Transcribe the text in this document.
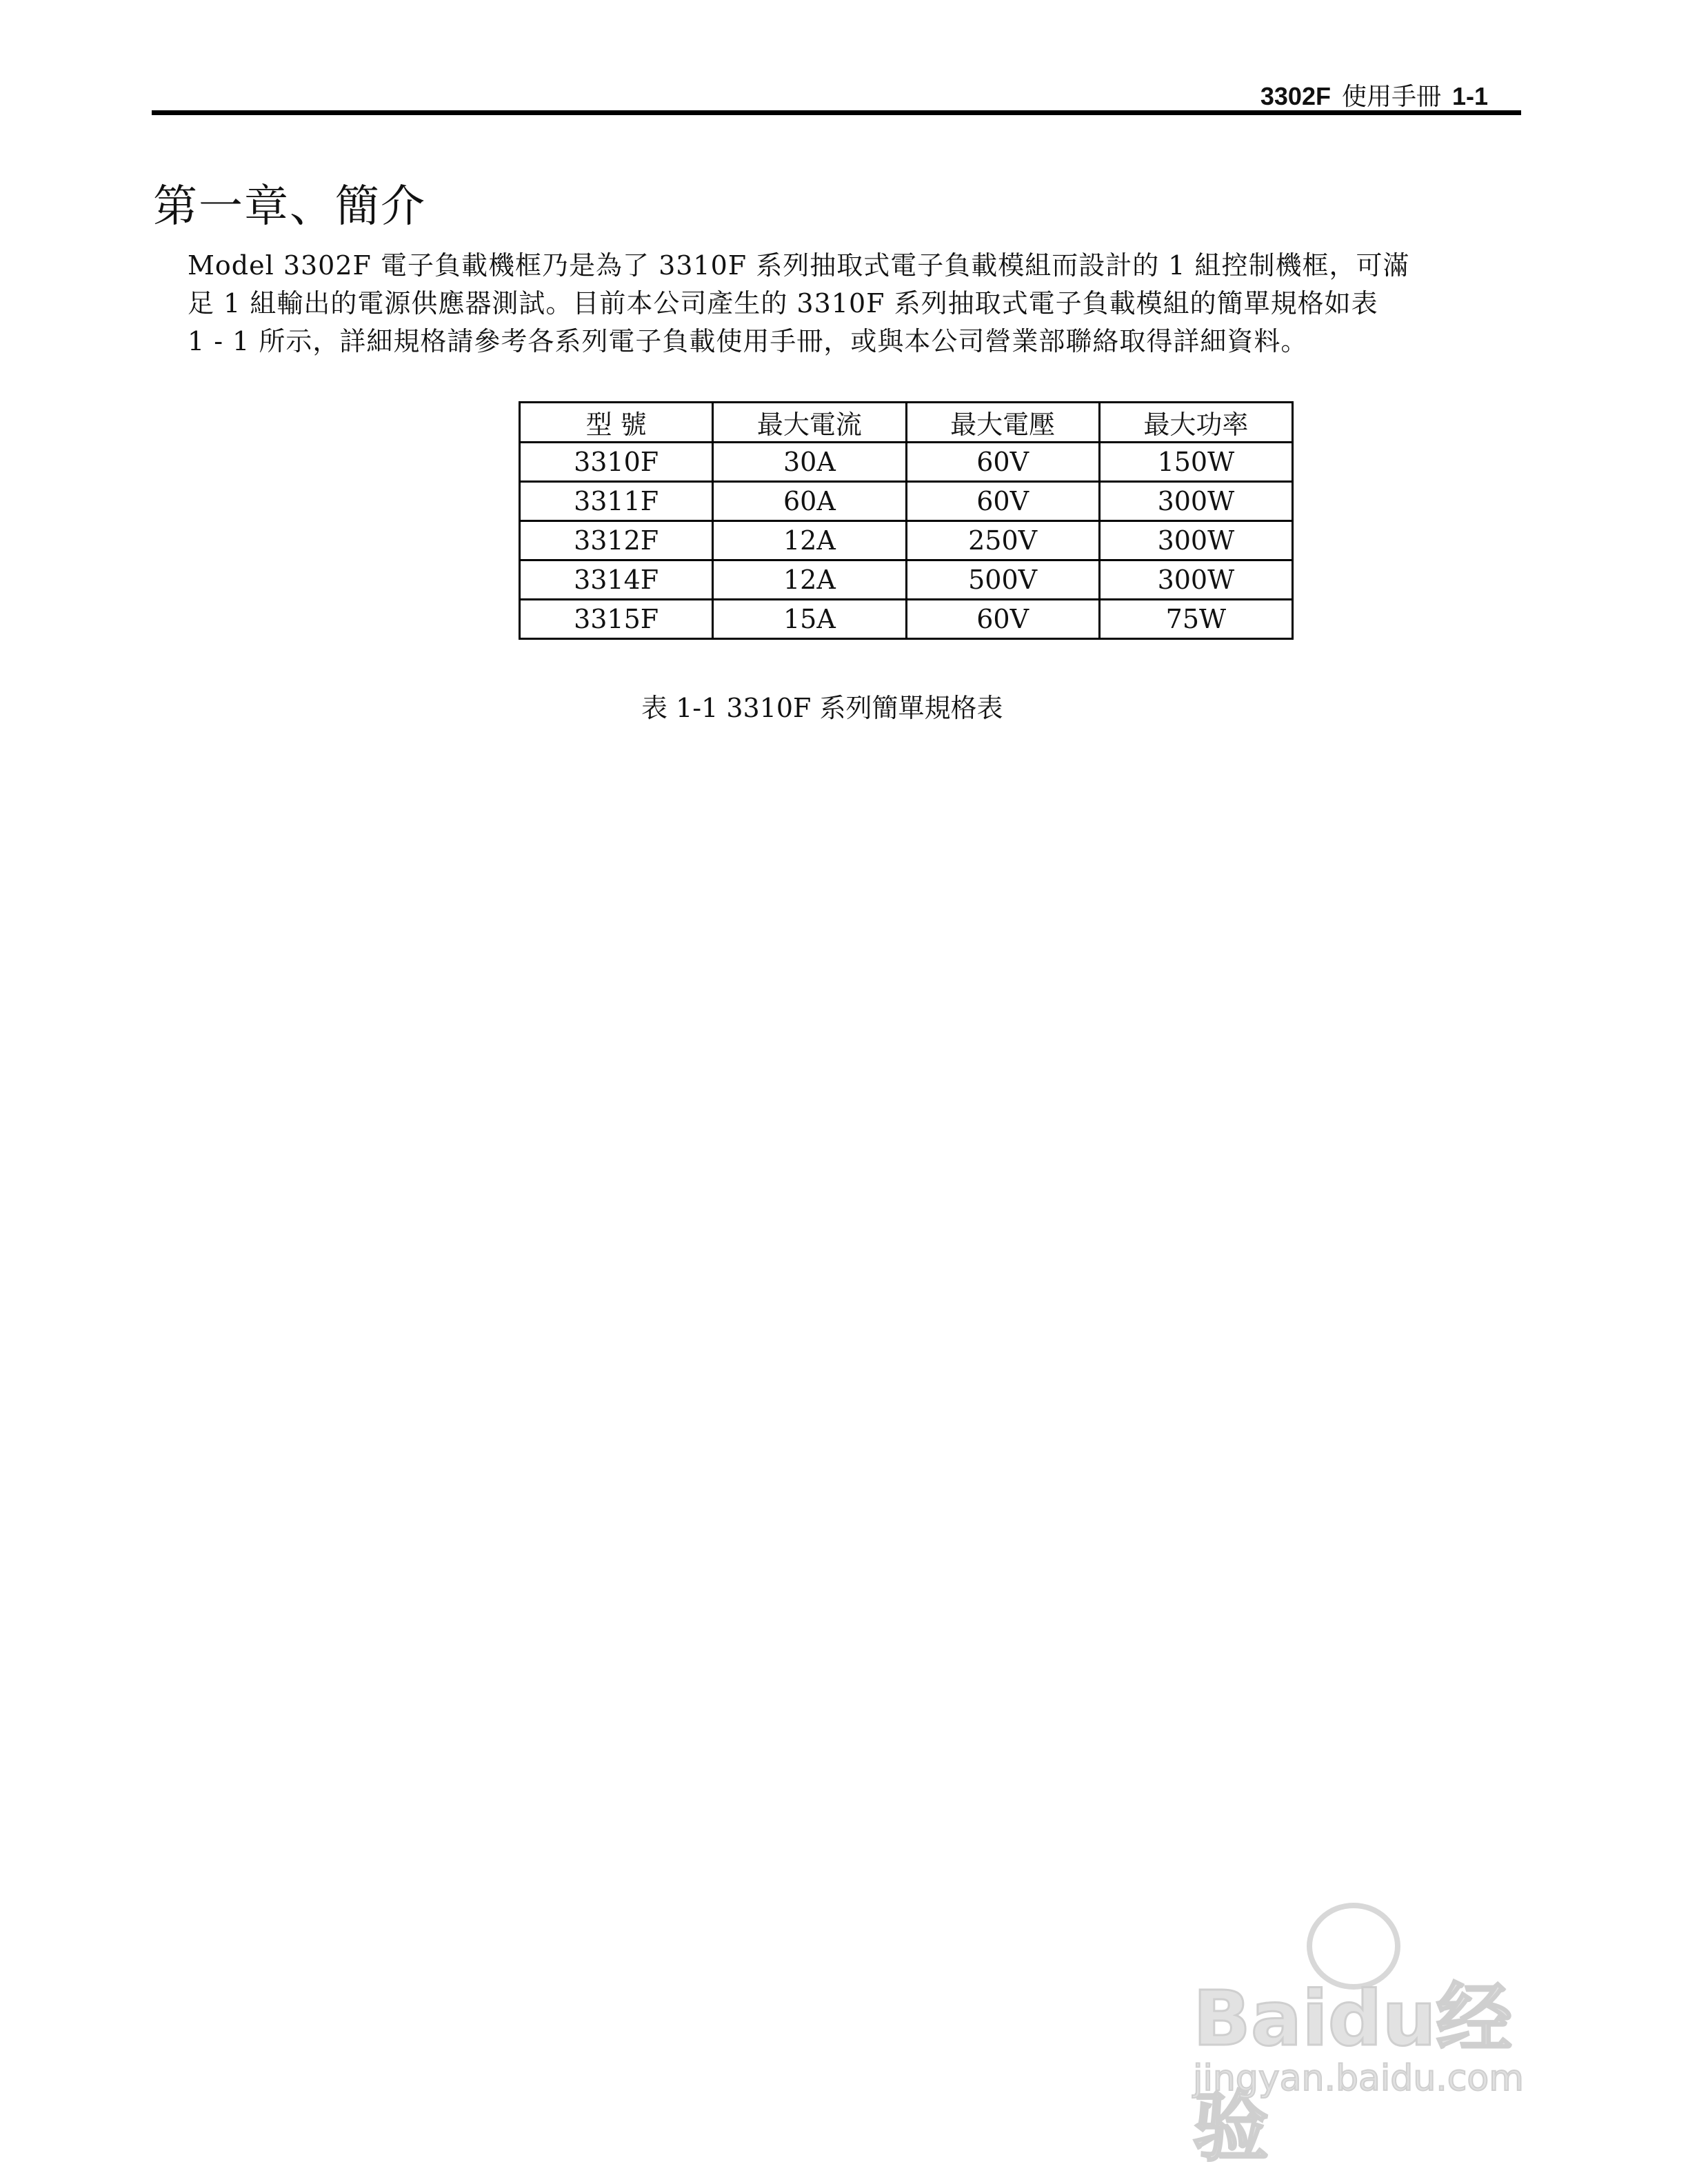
3302F 使用手冊 1-1
第一章、簡介
Model 3302F 電子負載機框乃是為了 3310F 系列抽取式電子負載模組而設計的 1 組控制機框，可滿
足 1 組輸出的電源供應器測試。目前本公司產生的 3310F 系列抽取式電子負載模組的簡單規格如表
1 - 1 所示，詳細規格請參考各系列電子負載使用手冊，或與本公司營業部聯絡取得詳細資料。
型 號	最大電流	最大電壓	最大功率
3310F	30A	60V	150W
3311F	60A	60V	300W
3312F	12A	250V	300W
3314F	12A	500V	300W
3315F	15A	60V	75W
表 1-1 3310F 系列簡單規格表
Baidu经验
jingyan.baidu.com
